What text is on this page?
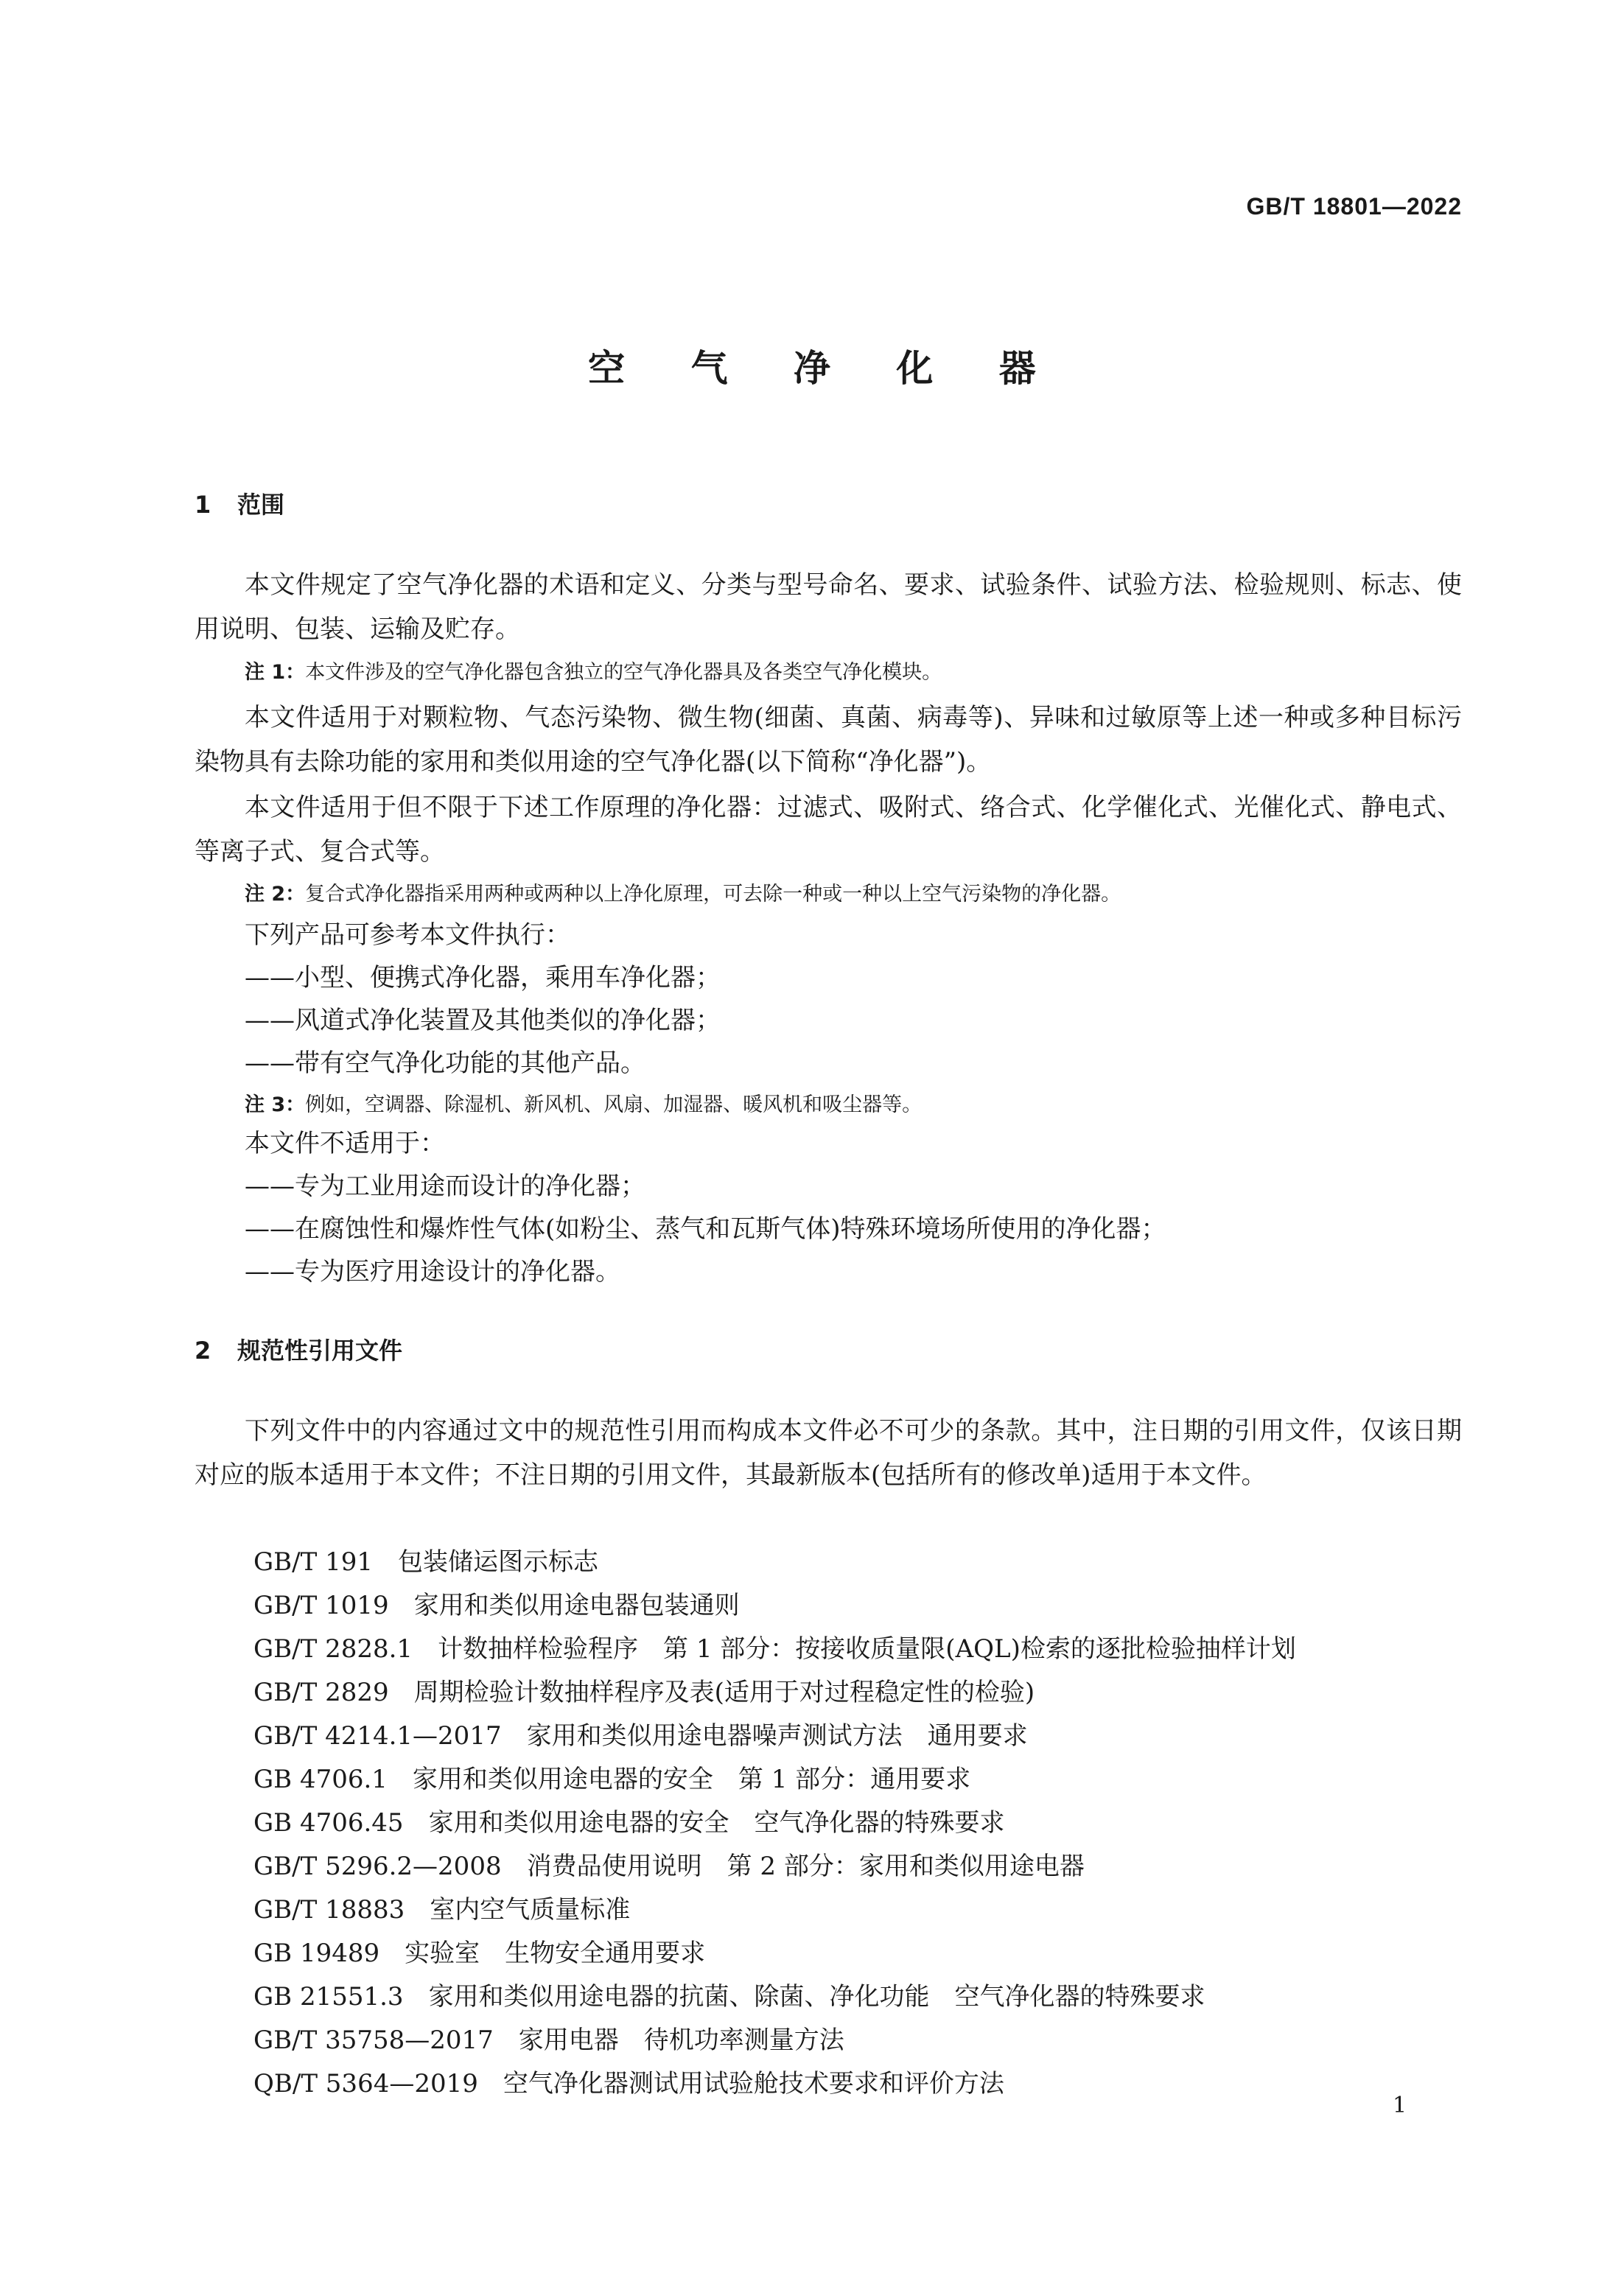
GB/T 18801—2022
空 气 净 化 器
1 范围
本文件规定了空气净化器的术语和定义、分类与型号命名、要求、试验条件、试验方法、检验规则、标志、使用说明、包装、运输及贮存。
注 1：本文件涉及的空气净化器包含独立的空气净化器具及各类空气净化模块。
本文件适用于对颗粒物、气态污染物、微生物(细菌、真菌、病毒等)、异味和过敏原等上述一种或多种目标污染物具有去除功能的家用和类似用途的空气净化器(以下简称“净化器”)。
本文件适用于但不限于下述工作原理的净化器：过滤式、吸附式、络合式、化学催化式、光催化式、静电式、等离子式、复合式等。
注 2：复合式净化器指采用两种或两种以上净化原理，可去除一种或一种以上空气污染物的净化器。
下列产品可参考本文件执行：
——小型、便携式净化器，乘用车净化器；
——风道式净化装置及其他类似的净化器；
——带有空气净化功能的其他产品。
注 3：例如，空调器、除湿机、新风机、风扇、加湿器、暖风机和吸尘器等。
本文件不适用于：
——专为工业用途而设计的净化器；
——在腐蚀性和爆炸性气体(如粉尘、蒸气和瓦斯气体)特殊环境场所使用的净化器；
——专为医疗用途设计的净化器。
2 规范性引用文件
下列文件中的内容通过文中的规范性引用而构成本文件必不可少的条款。其中，注日期的引用文件，仅该日期对应的版本适用于本文件；不注日期的引用文件，其最新版本(包括所有的修改单)适用于本文件。
GB/T 191 包装储运图示标志
GB/T 1019 家用和类似用途电器包装通则
GB/T 2828.1 计数抽样检验程序　第 1 部分：按接收质量限(AQL)检索的逐批检验抽样计划
GB/T 2829 周期检验计数抽样程序及表(适用于对过程稳定性的检验)
GB/T 4214.1—2017 家用和类似用途电器噪声测试方法　通用要求
GB 4706.1 家用和类似用途电器的安全　第 1 部分：通用要求
GB 4706.45 家用和类似用途电器的安全　空气净化器的特殊要求
GB/T 5296.2—2008 消费品使用说明　第 2 部分：家用和类似用途电器
GB/T 18883 室内空气质量标准
GB 19489 实验室　生物安全通用要求
GB 21551.3 家用和类似用途电器的抗菌、除菌、净化功能　空气净化器的特殊要求
GB/T 35758—2017 家用电器　待机功率测量方法
QB/T 5364—2019 空气净化器测试用试验舱技术要求和评价方法
1
